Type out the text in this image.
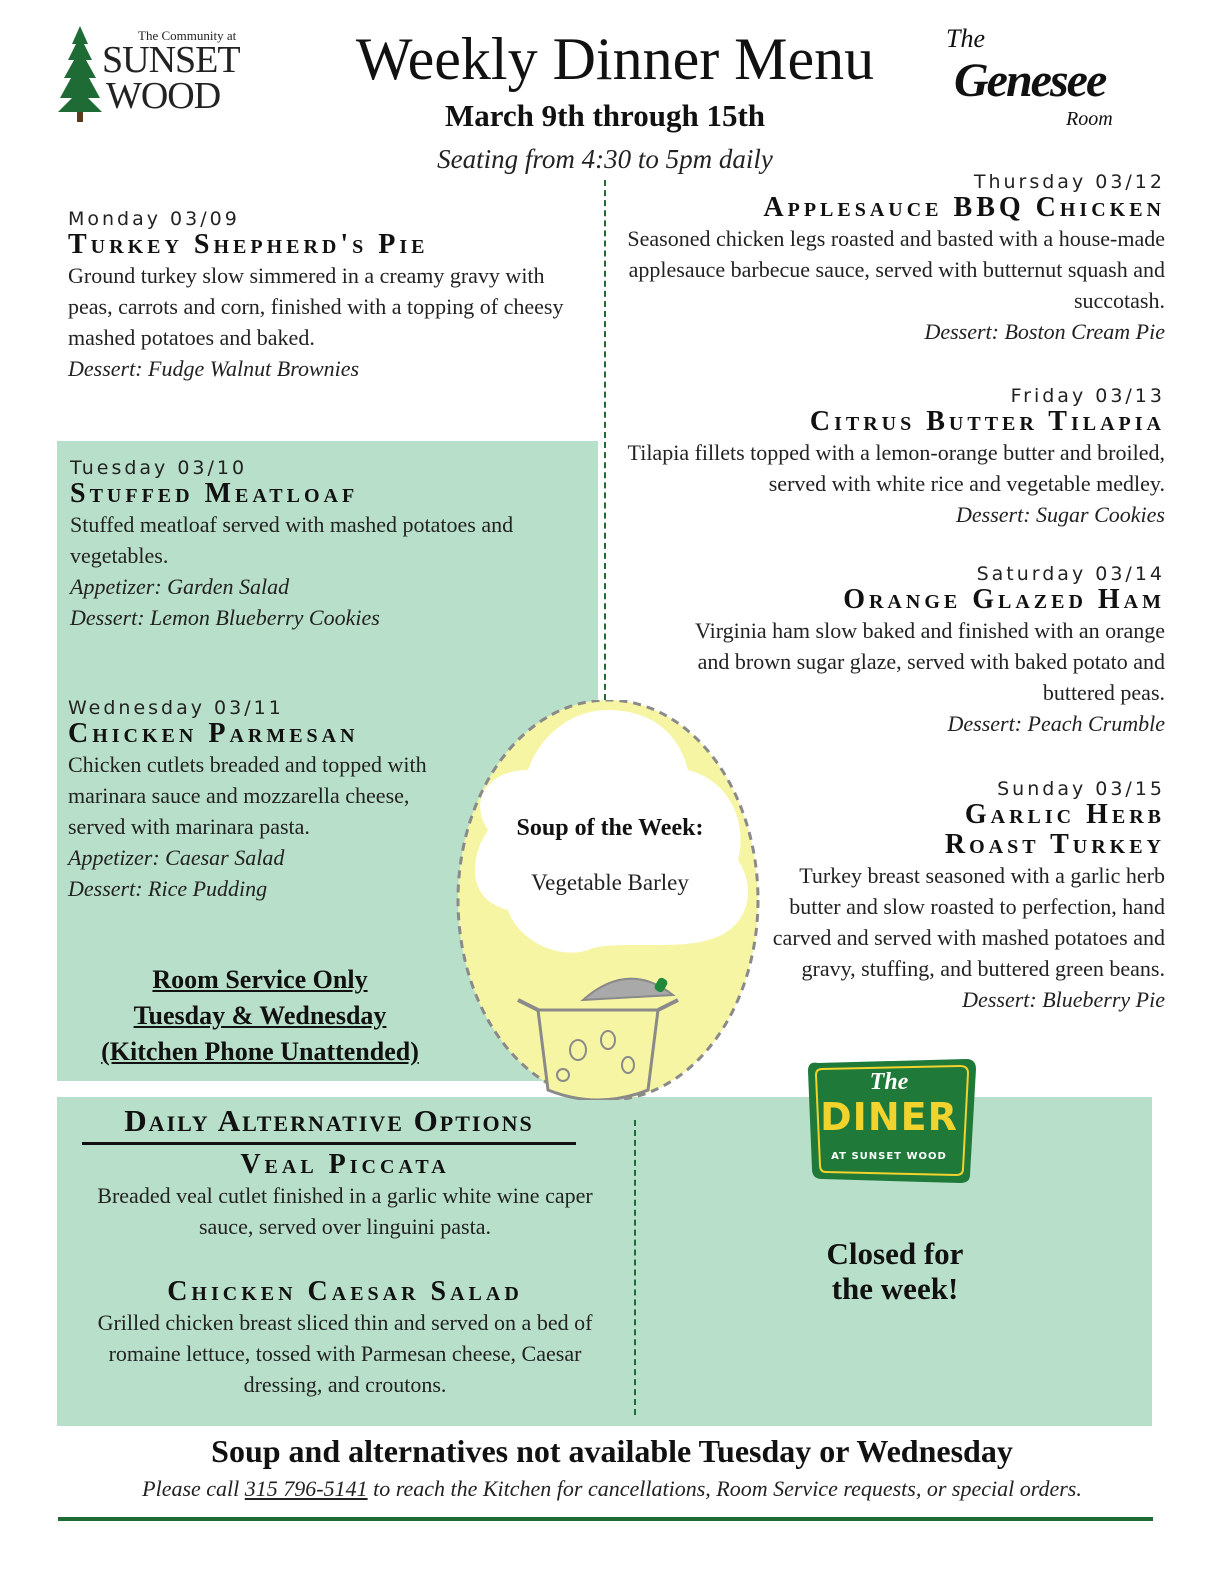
The Community at
SUNSET
WOOD
Weekly Dinner Menu
March 9th through 15th
Seating from 4:30 to 5pm daily
The
Genesee
Room
Soup of the Week:
Vegetable Barley
Monday 03/09
Turkey Shepherd's Pie
Ground turkey slow simmered in a creamy gravy with peas, carrots and corn, finished with a topping of cheesy mashed potatoes and baked.
Dessert: Fudge Walnut Brownies
Tuesday 03/10
Stuffed Meatloaf
Stuffed meatloaf served with mashed potatoes and vegetables.
Appetizer: Garden Salad
Dessert: Lemon Blueberry Cookies
Wednesday 03/11
Chicken Parmesan
Chicken cutlets breaded and topped with marinara sauce and mozzarella cheese, served with marinara pasta.
Appetizer: Caesar Salad
Dessert: Rice Pudding
Room Service Only
Tuesday & Wednesday
(Kitchen Phone Unattended)
Thursday 03/12
Applesauce BBQ Chicken
Seasoned chicken legs roasted and basted with a house-made applesauce barbecue sauce, served with butternut squash and succotash.
Dessert: Boston Cream Pie
Friday 03/13
Citrus Butter Tilapia
Tilapia fillets topped with a lemon-orange butter and broiled, served with white rice and vegetable medley.
Dessert: Sugar Cookies
Saturday 03/14
Orange Glazed Ham
Virginia ham slow baked and finished with an orange and brown sugar glaze, served with baked potato and buttered peas.
Dessert: Peach Crumble
Sunday 03/15
Garlic Herb
Roast Turkey
Turkey breast seasoned with a garlic herb butter and slow roasted to perfection, hand carved and served with mashed potatoes and gravy, stuffing, and buttered green beans.
Dessert: Blueberry Pie
Daily Alternative Options
Veal Piccata
Breaded veal cutlet finished in a garlic white wine caper sauce, served over linguini pasta.
Chicken Caesar Salad
Grilled chicken breast sliced thin and served on a bed of romaine lettuce, tossed with Parmesan cheese, Caesar dressing, and croutons.
The
DINER
AT SUNSET WOOD
Closed for
the week!
Soup and alternatives not available Tuesday or Wednesday
Please call 315 796-5141 to reach the Kitchen for cancellations, Room Service requests, or special orders.
